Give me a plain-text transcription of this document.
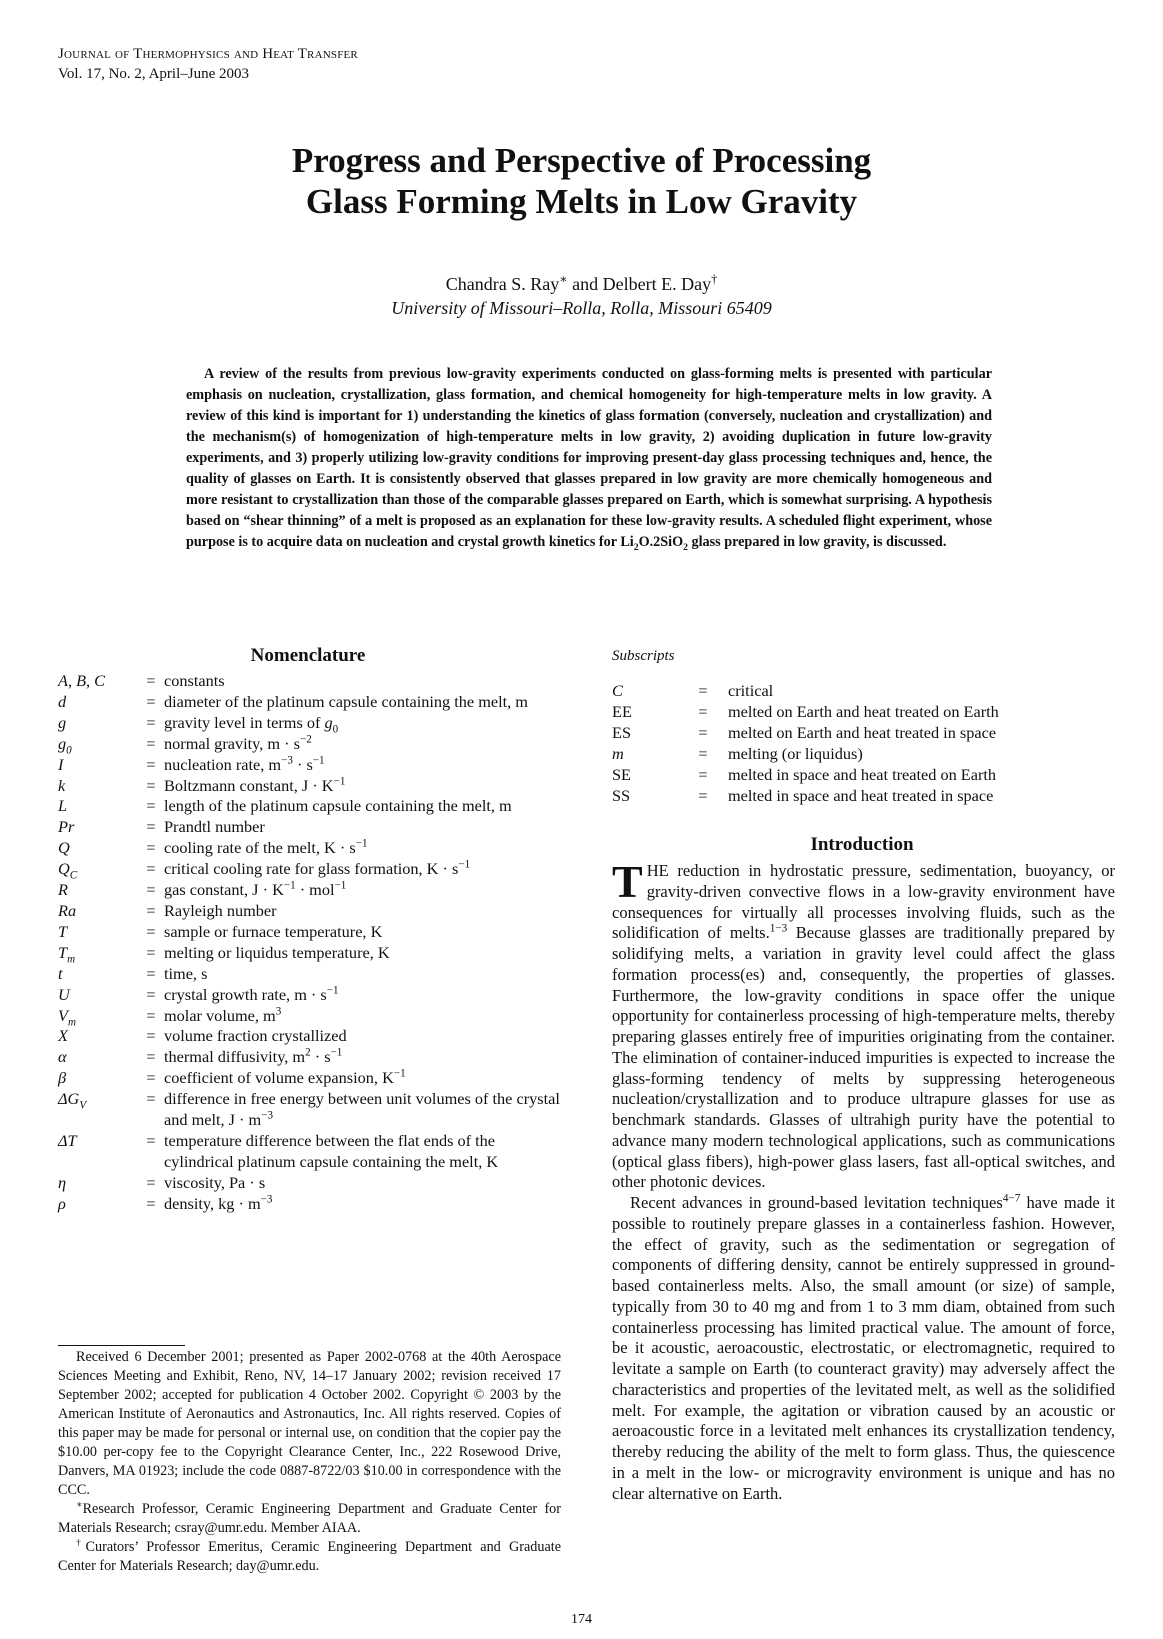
Journal of Thermophysics and Heat Transfer
Vol. 17, No. 2, April–June 2003
Progress and Perspective of Processing
Glass Forming Melts in Low Gravity
Chandra S. Ray∗ and Delbert E. Day†
University of Missouri–Rolla, Rolla, Missouri 65409
A review of the results from previous low-gravity experiments conducted on glass-forming melts is presented with particular emphasis on nucleation, crystallization, glass formation, and chemical homogeneity for high-temperature melts in low gravity. A review of this kind is important for 1) understanding the kinetics of glass formation (conversely, nucleation and crystallization) and the mechanism(s) of homogenization of high-temperature melts in low gravity, 2) avoiding duplication in future low-gravity experiments, and 3) properly utilizing low-gravity conditions for improving present-day glass processing techniques and, hence, the quality of glasses on Earth. It is consistently observed that glasses prepared in low gravity are more chemically homogeneous and more resistant to crystallization than those of the comparable glasses prepared on Earth, which is somewhat surprising. A hypothesis based on “shear thinning” of a melt is proposed as an explanation for these low-gravity results. A scheduled flight experiment, whose purpose is to acquire data on nucleation and crystal growth kinetics for $Li_2O.2SiO_2$ glass prepared in low gravity, is discussed.
Nomenclature
A, B, C	=	constants
d	=	diameter of the platinum capsule containing the melt, m
g	=	gravity level in terms of $g_0$
$g_0$	=	normal gravity, $m \cdot s^{-2}$
I	=	nucleation rate, $m^{-3} \cdot s^{-1}$
k	=	Boltzmann constant, $J \cdot K^{-1}$
L	=	length of the platinum capsule containing the melt, m
Pr	=	Prandtl number
Q	=	cooling rate of the melt, $K \cdot s^{-1}$
$Q_C$	=	critical cooling rate for glass formation, $K \cdot s^{-1}$
R	=	gas constant, $J \cdot K^{-1} \cdot mol^{-1}$
Ra	=	Rayleigh number
T	=	sample or furnace temperature, K
$T_m$	=	melting or liquidus temperature, K
t	=	time, s
U	=	crystal growth rate, $m \cdot s^{-1}$
$V_m$	=	molar volume, $m^3$
X	=	volume fraction crystallized
α	=	thermal diffusivity, $m^2 \cdot s^{-1}$
β	=	coefficient of volume expansion, $K^{-1}$
$\Delta G_V$	=	difference in free energy between unit volumes of the crystal and melt, $J \cdot m^{-3}$
ΔT	=	temperature difference between the flat ends of the cylindrical platinum capsule containing the melt, K
η	=	viscosity, Pa · s
ρ	=	density, kg · $m^{-3}$
Subscripts
C	=	critical
EE	=	melted on Earth and heat treated on Earth
ES	=	melted on Earth and heat treated in space
m	=	melting (or liquidus)
SE	=	melted in space and heat treated on Earth
SS	=	melted in space and heat treated in space
Introduction

THE reduction in hydrostatic pressure, sedimentation, buoyancy, or gravity-driven convective flows in a low-gravity environment have consequences for virtually all processes involving fluids, such as the solidification of melts.$^{1-3}$ Because glasses are traditionally prepared by solidifying melts, a variation in gravity level could affect the glass formation process(es) and, consequently, the properties of glasses. Furthermore, the low-gravity conditions in space offer the unique opportunity for containerless processing of high-temperature melts, thereby preparing glasses entirely free of impurities originating from the container. The elimination of container-induced impurities is expected to increase the glass-forming tendency of melts by suppressing heterogeneous nucleation/crystallization and to produce ultrapure glasses for use as benchmark standards. Glasses of ultrahigh purity have the potential to advance many modern technological applications, such as communications (optical glass fibers), high-power glass lasers, fast all-optical switches, and other photonic devices.

Recent advances in ground-based levitation techniques$^{4-7}$ have made it possible to routinely prepare glasses in a containerless fashion. However, the effect of gravity, such as the sedimentation or segregation of components of differing density, cannot be entirely suppressed in ground-based containerless melts. Also, the small amount (or size) of sample, typically from 30 to 40 mg and from 1 to 3 mm diam, obtained from such containerless processing has limited practical value. The amount of force, be it acoustic, aeroacoustic, electrostatic, or electromagnetic, required to levitate a sample on Earth (to counteract gravity) may adversely affect the characteristics and properties of the levitated melt, as well as the solidified melt. For example, the agitation or vibration caused by an acoustic or aeroacoustic force in a levitated melt enhances its crystallization tendency, thereby reducing the ability of the melt to form glass. Thus, the quiescence in a melt in the low- or microgravity environment is unique and has no clear alternative on Earth.

Received 6 December 2001; presented as Paper 2002-0768 at the 40th Aerospace Sciences Meeting and Exhibit, Reno, NV, 14–17 January 2002; revision received 17 September 2002; accepted for publication 4 October 2002. Copyright © 2003 by the American Institute of Aeronautics and Astronautics, Inc. All rights reserved. Copies of this paper may be made for personal or internal use, on condition that the copier pay the $10.00 per-copy fee to the Copyright Clearance Center, Inc., 222 Rosewood Drive, Danvers, MA 01923; include the code 0887-8722/03 $10.00 in correspondence with the CCC.

∗Research Professor, Ceramic Engineering Department and Graduate Center for Materials Research; csray@umr.edu. Member AIAA.

†Curators’ Professor Emeritus, Ceramic Engineering Department and Graduate Center for Materials Research; day@umr.edu.

174
